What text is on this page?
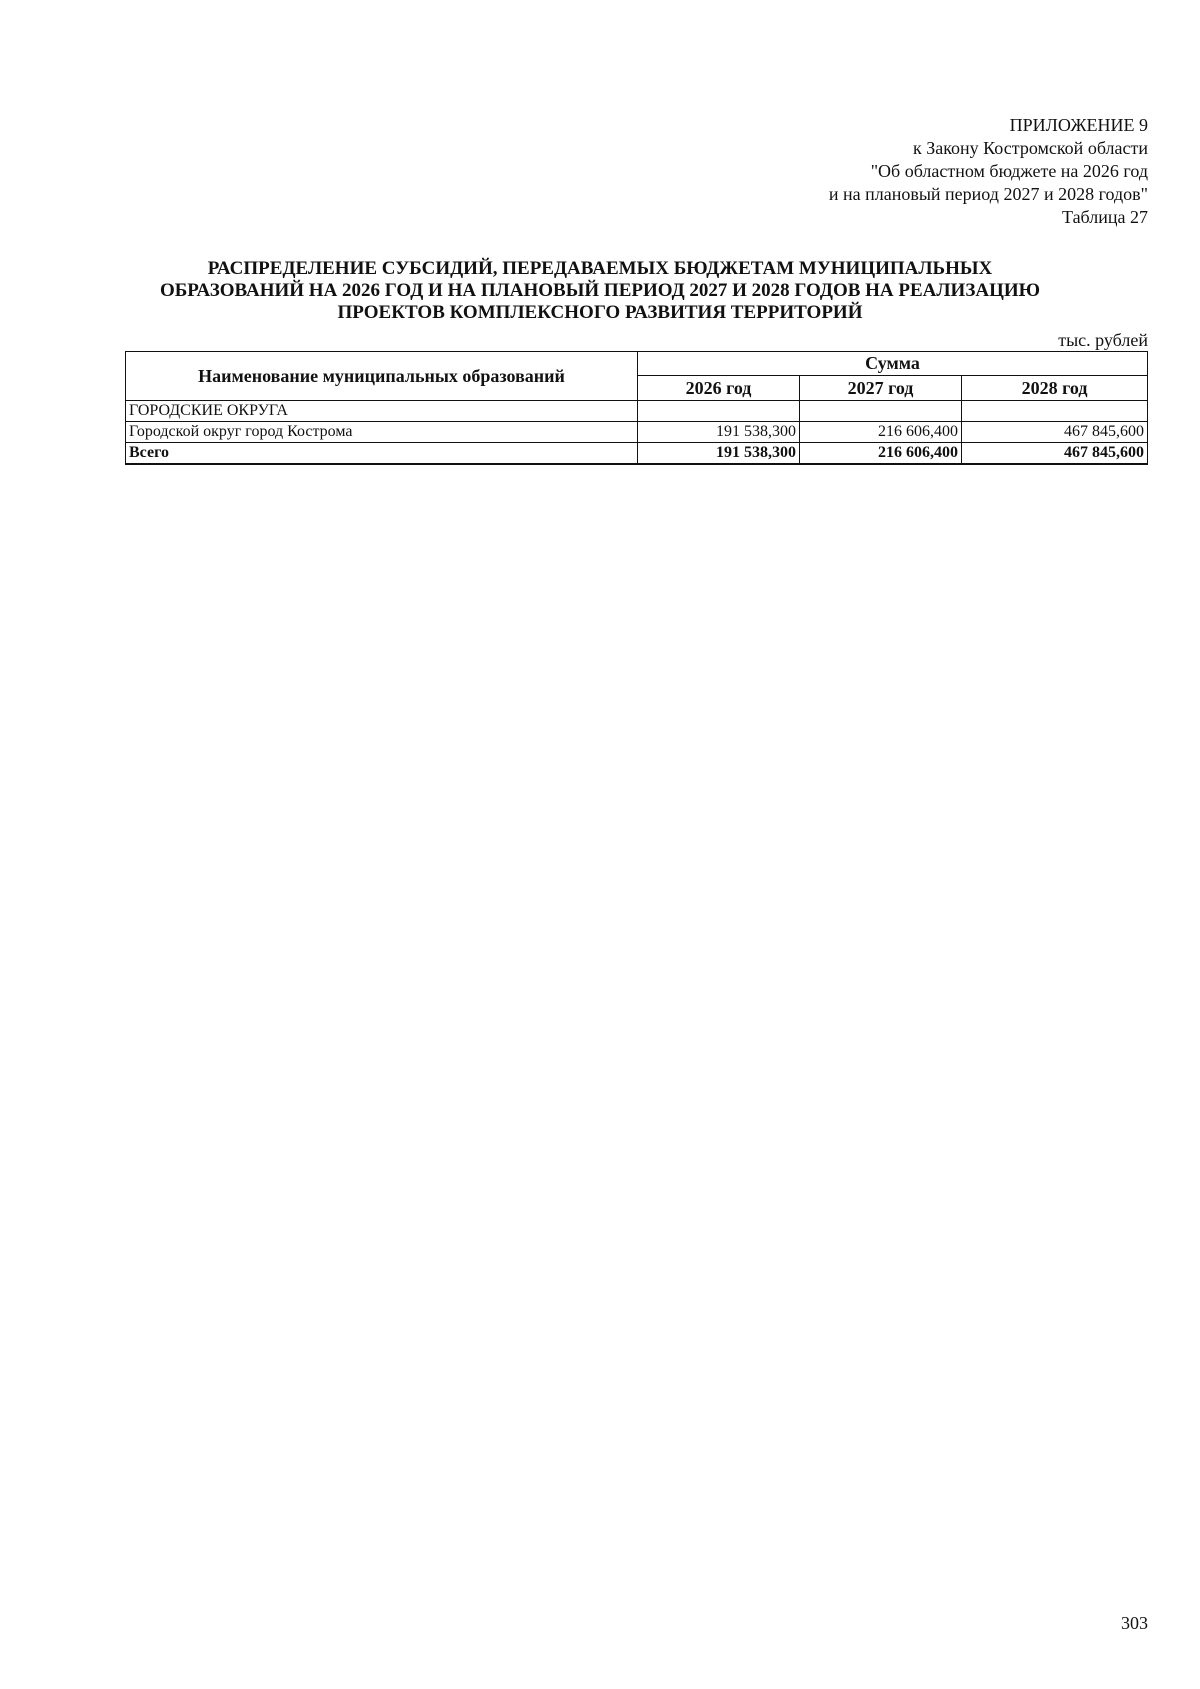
ПРИЛОЖЕНИЕ 9
к Закону Костромской области
"Об областном бюджете на 2026 год
и на плановый период 2027 и 2028 годов"
Таблица 27
РАСПРЕДЕЛЕНИЕ СУБСИДИЙ, ПЕРЕДАВАЕМЫХ БЮДЖЕТАМ МУНИЦИПАЛЬНЫХ
ОБРАЗОВАНИЙ НА 2026 ГОД И НА ПЛАНОВЫЙ ПЕРИОД 2027 И 2028 ГОДОВ НА РЕАЛИЗАЦИЮ
ПРОЕКТОВ КОМПЛЕКСНОГО РАЗВИТИЯ ТЕРРИТОРИЙ
тыс. рублей
Наименование муниципальных образований	Сумма		
	2026 год	2027 год	2028 год
ГОРОДСКИЕ ОКРУГА			
Городской округ город Кострома	191 538,300	216 606,400	467 845,600
Всего	191 538,300	216 606,400	467 845,600
303
